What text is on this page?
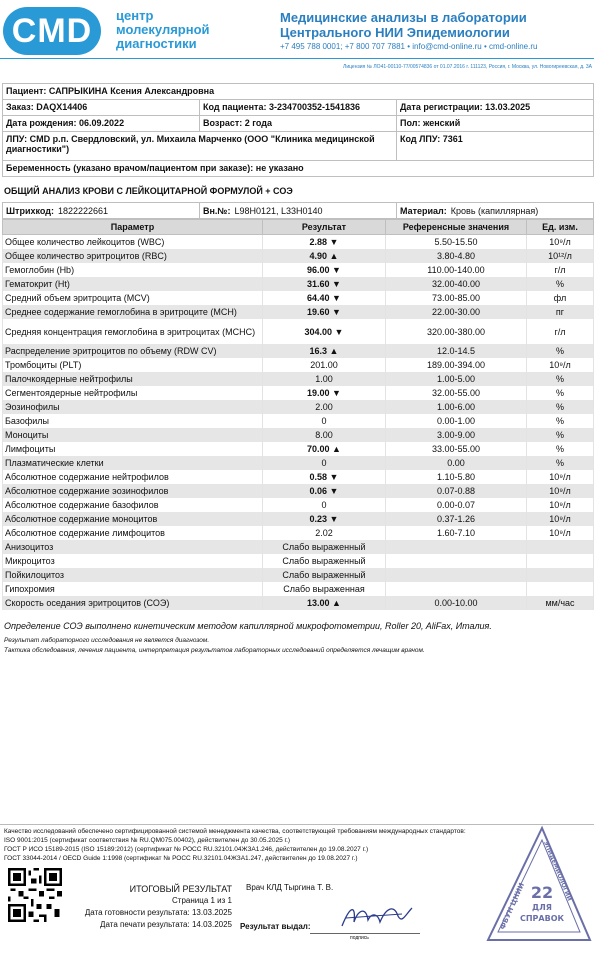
CMD	центр
молекулярной
диагностики
Медицинские анализы в лаборатории
Центрального НИИ Эпидемиологии
+7 495 788 0001; +7 800 707 7881 • info@cmd-online.ru • cmd-online.ru
Лицензия № ЛО41-00110-77/00574836 от 01.07.2016 г. 111123, Россия, г. Москва, ул. Новогиреевская, д. 3А
Пациент: САПРЫКИНА Ксения Александровна		
Заказ: DAQX14406	Код пациента: 3-234700352-1541836	Дата регистрации: 13.03.2025
Дата рождения: 06.09.2022	Возраст: 2 года	Пол: женский
ЛПУ: CMD р.п. Свердловский, ул. Михаила Марченко (ООО "Клиника медицинской диагностики")		Код ЛПУ: 7361
Беременность (указано врачом/пациентом при заказе): не указано		
ОБЩИЙ АНАЛИЗ КРОВИ С ЛЕЙКОЦИТАРНОЙ ФОРМУЛОЙ + СОЭ
Штрихкод: 1822222661	Вн.№: L98H0121, L33H0140	Материал: Кровь (капиллярная)
Параметр	Результат	Референсные значения	Ед. изм.
Общее количество лейкоцитов (WBC)	2.88 ▼	5.50-15.50	10⁹/л
Общее количество эритроцитов (RBC)	4.90 ▲	3.80-4.80	10¹²/л
Гемоглобин (Hb)	96.00 ▼	110.00-140.00	г/л
Гематокрит (Ht)	31.60 ▼	32.00-40.00	%
Средний объем эритроцита (MCV)	64.40 ▼	73.00-85.00	фл
Среднее содержание гемоглобина в эритроците (MCH)	19.60 ▼	22.00-30.00	пг
Средняя концентрация гемоглобина в эритроцитах (MCHC)	304.00 ▼	320.00-380.00	г/л
Распределение эритроцитов по объему (RDW CV)	16.3 ▲	12.0-14.5	%
Тромбоциты (PLT)	201.00	189.00-394.00	10⁹/л
Палочкоядерные нейтрофилы	1.00	1.00-5.00	%
Сегментоядерные нейтрофилы	19.00 ▼	32.00-55.00	%
Эозинофилы	2.00	1.00-6.00	%
Базофилы	0	0.00-1.00	%
Моноциты	8.00	3.00-9.00	%
Лимфоциты	70.00 ▲	33.00-55.00	%
Плазматические клетки	0	0.00	%
Абсолютное содержание нейтрофилов	0.58 ▼	1.10-5.80	10⁹/л
Абсолютное содержание эозинофилов	0.06 ▼	0.07-0.88	10⁹/л
Абсолютное содержание базофилов	0	0.00-0.07	10⁹/л
Абсолютное содержание моноцитов	0.23 ▼	0.37-1.26	10⁹/л
Абсолютное содержание лимфоцитов	2.02	1.60-7.10	10⁹/л
Анизоцитоз	Слабо выраженный		
Микроцитоз	Слабо выраженный		
Пойкилоцитоз	Слабо выраженный		
Гипохромия	Слабо выраженная		
Скорость оседания эритроцитов (СОЭ)	13.00 ▲	0.00-10.00	мм/час
Определение СОЭ выполнено кинетическим методом капиллярной микрофотометрии, Roller 20, AliFax, Италия.
Результат лабораторного исследования не является диагнозом.
Тактика обследования, лечения пациента, интерпретация результатов лабораторных исследований определяется лечащим врачом.
Качество исследований обеспечено сертифицированной системой менеджмента качества, соответствующей требованиям международных стандартов:
ISO 9001:2015 (сертификат соответствия № RU.QM075.00402), действителен до 30.05.2025 г.)
ГОСТ Р ИСО 15189-2015 (ISO 15189:2012) (сертификат № РОСС RU.32101.04ЖЗА1.246, действителен до 19.08.2027 г.)
ГОСТ 33044-2014 / OECD Guide 1:1998 (сертификат № РОСС RU.32101.04ЖЗА1.247, действителен до 19.08.2027 г.)
ИТОГОВЫЙ РЕЗУЛЬТАТ
Страница 1 из 1
Дата готовности результата: 13.03.2025
Дата печати результата: 14.03.2025
Врач КЛД Тыргина Т. В.
Результат выдал:
подпись
ФБУН ЦНИИ
ЭПИДЕМИОЛОГИИ
22
ДЛЯ
СПРАВОК
